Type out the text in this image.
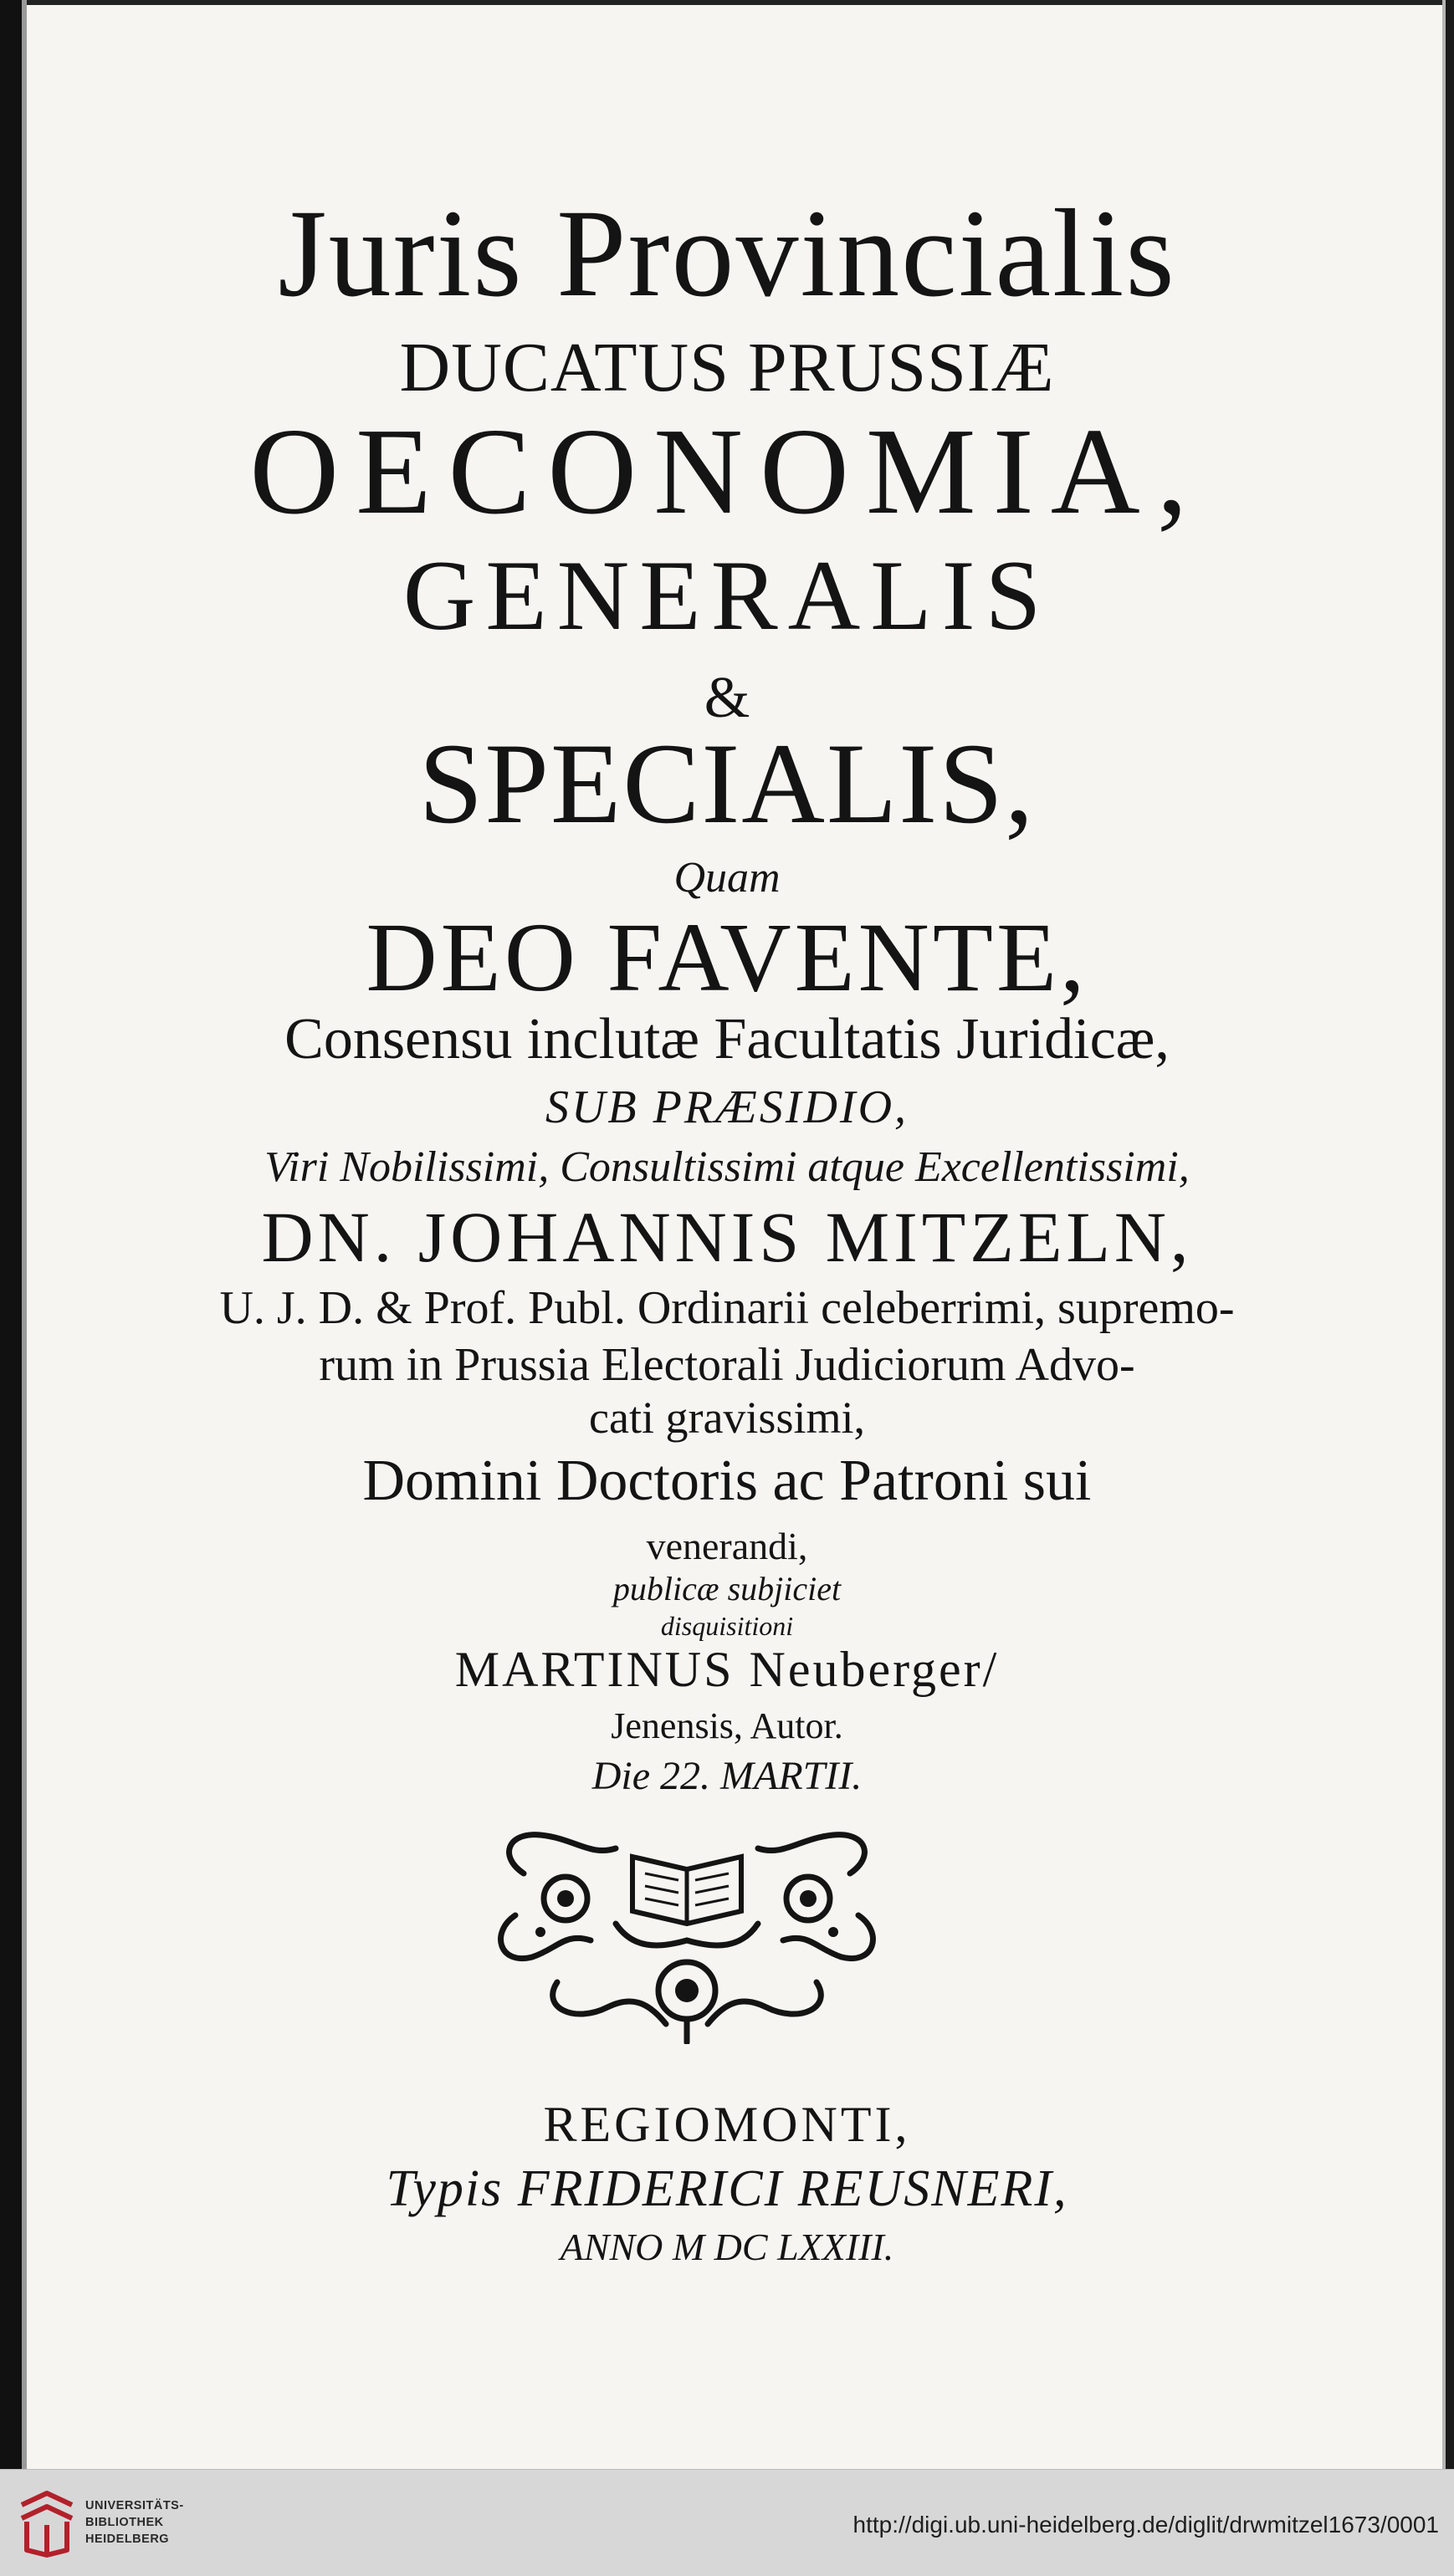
Juris Provincialis
DUCATUS PRUSSIÆ
OECONOMIA,
GENERALIS
&
SPECIALIS,
Quam
DEO FAVENTE,
Consensu inclutæ Facultatis Juridicæ,
SUB PRÆSIDIO,
Viri Nobilissimi, Consultissimi atque Excellentissimi,
DN. JOHANNIS MITZELN,
U. J. D. & Prof. Publ. Ordinarii celeberrimi, supremo-
rum in Prussia Electorali Judiciorum Advo-
cati gravissimi,
Domini Doctoris ac Patroni sui
venerandi,
publicæ subjiciet
disquisitioni
MARTINUS Neuberger/
Jenensis, Autor.
Die 22. MARTII.
REGIOMONTI,
Typis FRIDERICI REUSNERI,
ANNO M DC LXXIII.
UNIVERSITÄTS-
BIBLIOTHEK
HEIDELBERG
http://digi.ub.uni-heidelberg.de/diglit/drwmitzel1673/0001
